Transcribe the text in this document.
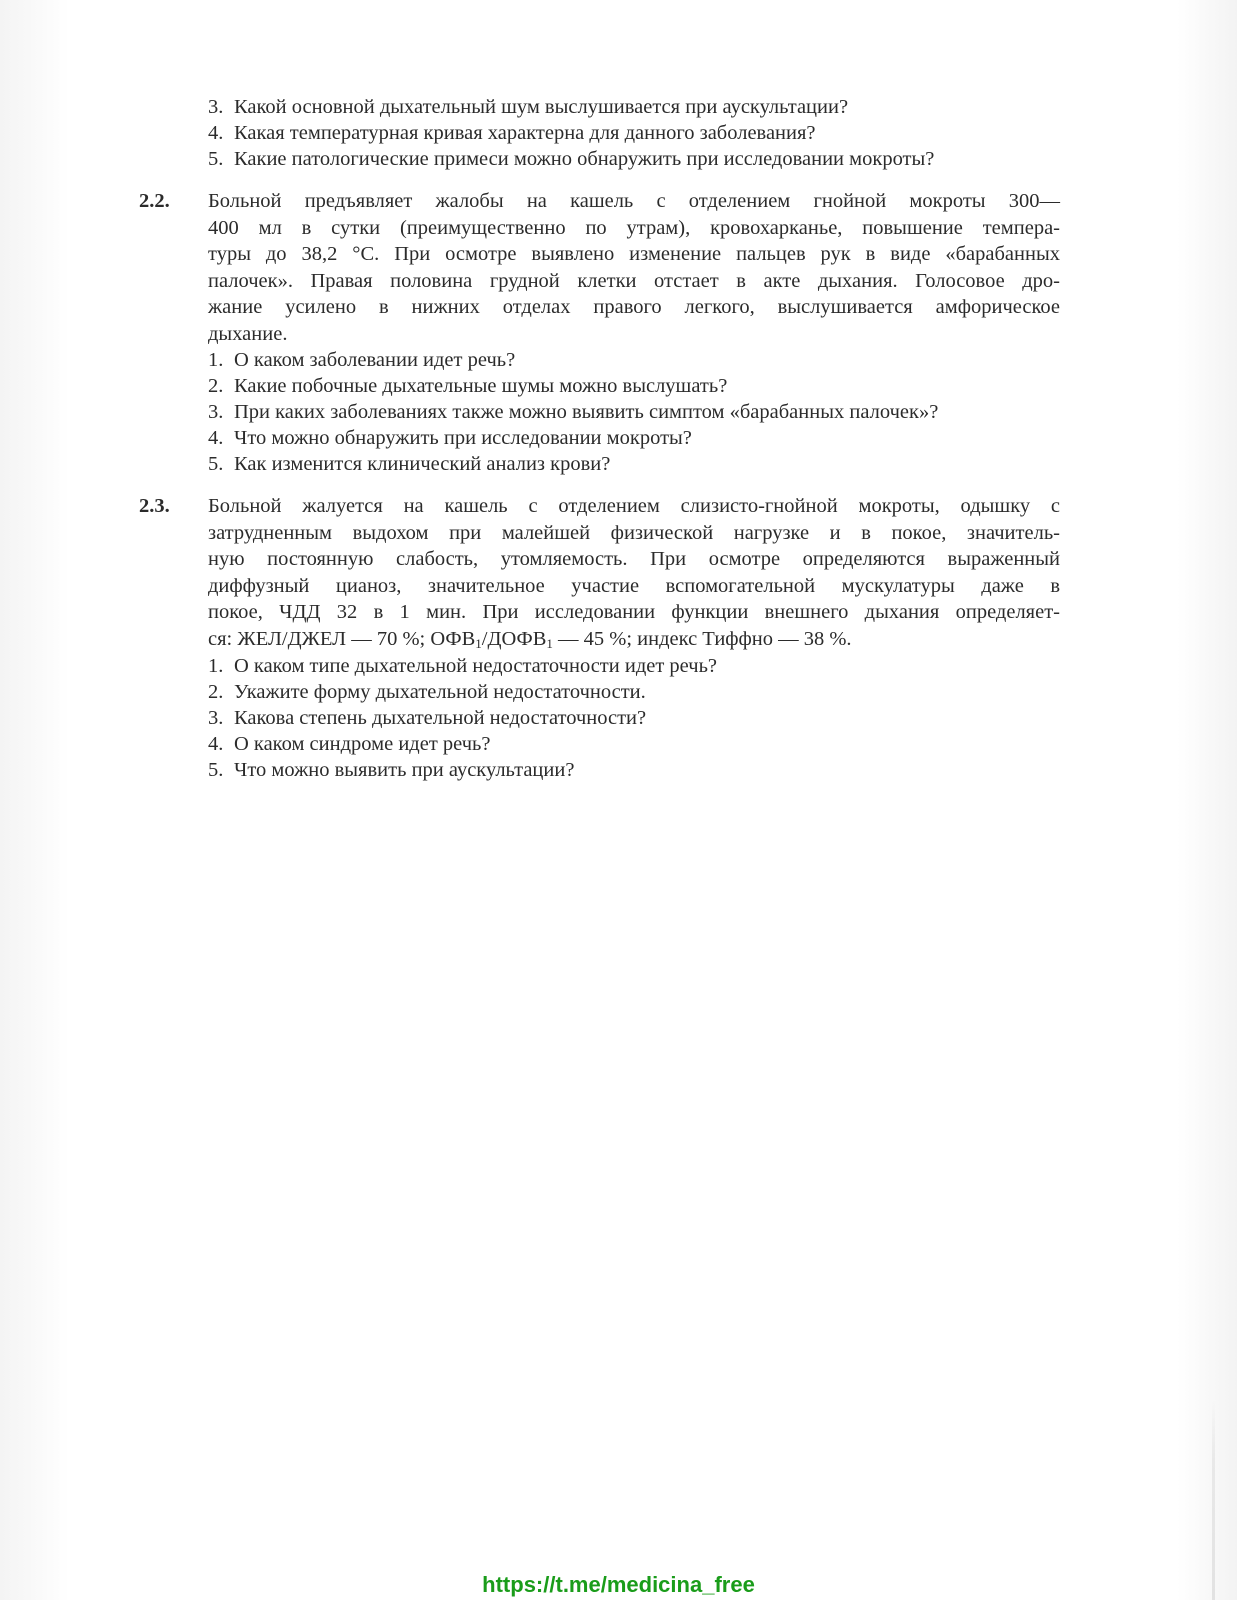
3. Какой основной дыхательный шум выслушивается при аускультации?
4. Какая температурная кривая характерна для данного заболевания?
5. Какие патологические примеси можно обнаружить при исследовании мокроты?
2.2. Больной предъявляет жалобы на кашель с отделением гнойной мокроты 300—
400 мл в сутки (преимущественно по утрам), кровохарканье, повышение темпера-
туры до 38,2 °С. При осмотре выявлено изменение пальцев рук в виде «барабанных
палочек». Правая половина грудной клетки отстает в акте дыхания. Голосовое дро-
жание усилено в нижних отделах правого легкого, выслушивается амфорическое
дыхание.
1. О каком заболевании идет речь?
2. Какие побочные дыхательные шумы можно выслушать?
3. При каких заболеваниях также можно выявить симптом «барабанных палочек»?
4. Что можно обнаружить при исследовании мокроты?
5. Как изменится клинический анализ крови?
2.3. Больной жалуется на кашель с отделением слизисто-гнойной мокроты, одышку с
затрудненным выдохом при малейшей физической нагрузке и в покое, значитель-
ную постоянную слабость, утомляемость. При осмотре определяются выраженный
диффузный цианоз, значительное участие вспомогательной мускулатуры даже в
покое, ЧДД 32 в 1 мин. При исследовании функции внешнего дыхания определяет-
ся: ЖЕЛ/ДЖЕЛ — 70 %; $ОФВ_1/ДОФВ_1$ — 45 %; индекс Тиффно — 38 %.
1. О каком типе дыхательной недостаточности идет речь?
2. Укажите форму дыхательной недостаточности.
3. Какова степень дыхательной недостаточности?
4. О каком синдроме идет речь?
5. Что можно выявить при аускультации?
https://t.me/medicina_free
